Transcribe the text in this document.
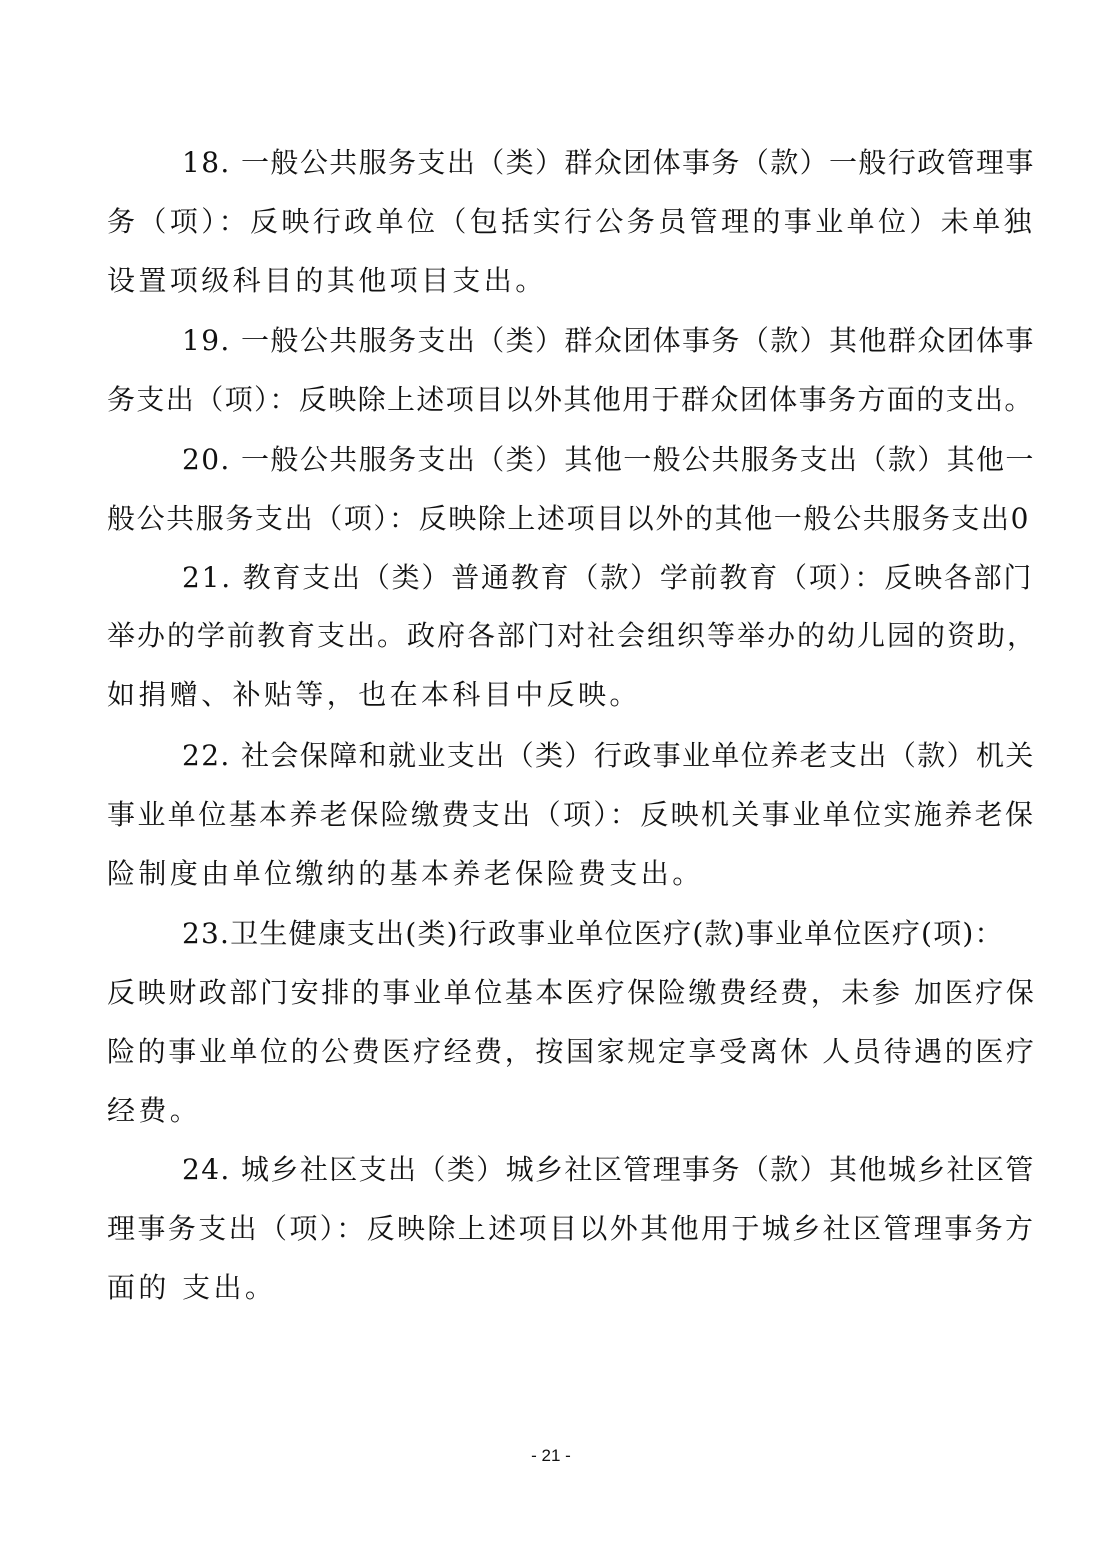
18. 一般公共服务支出（类）群众团体事务（款）一般行政管理事
务（项）：反映行政单位（包括实行公务员管理的事业单位）未单独
设置项级科目的其他项目支出。
19. 一般公共服务支出（类）群众团体事务（款）其他群众团体事
务支出（项）：反映除上述项目以外其他用于群众团体事务方面的支出。
20. 一般公共服务支出（类）其他一般公共服务支出（款）其他一
般公共服务支出（项）：反映除上述项目以外的其他一般公共服务支出0
21. 教育支出（类）普通教育（款）学前教育（项）：反映各部门
举办的学前教育支出。政府各部门对社会组织等举办的幼儿园的资助，
如捐赠、补贴等，也在本科目中反映。
22. 社会保障和就业支出（类）行政事业单位养老支出（款）机关
事业单位基本养老保险缴费支出（项）：反映机关事业单位实施养老保
险制度由单位缴纳的基本养老保险费支出。
23.卫生健康支出(类)行政事业单位医疗(款)事业单位医疗(项)：
反映财政部门安排的事业单位基本医疗保险缴费经费，未参 加医疗保
险的事业单位的公费医疗经费，按国家规定享受离休 人员待遇的医疗
经费。
24. 城乡社区支出（类）城乡社区管理事务（款）其他城乡社区管
理事务支出（项）：反映除上述项目以外其他用于城乡社区管理事务方
面的 支出。
- 21 -
